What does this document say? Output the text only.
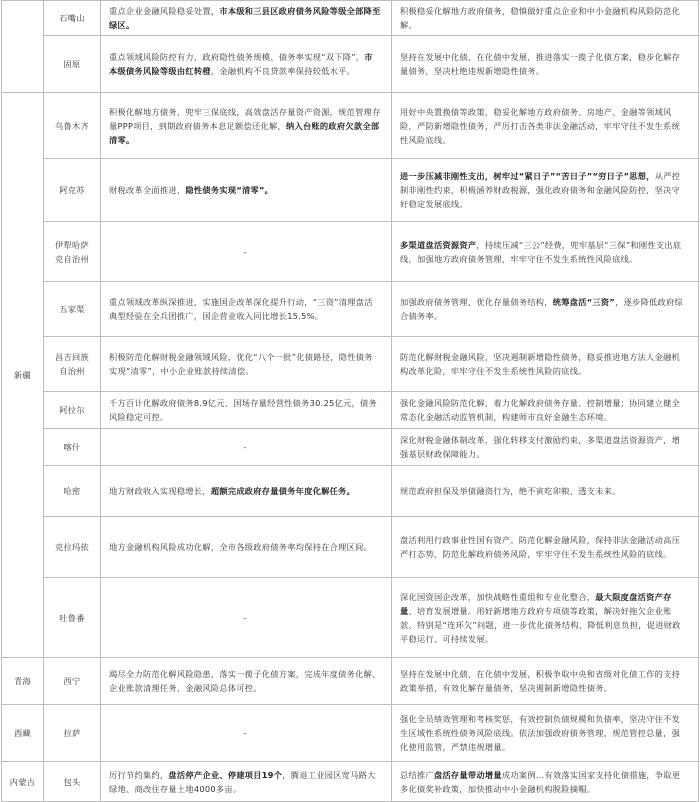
	石嘴山	重点企业金融风险稳妥处置，市本级和三县区政府债务风险等级全部降至绿区。	积极稳妥化解地方政府债务，稳慎做好重点企业和中小金融机构风险防范化解。
	固原	重点领域风险防控有力，政府隐性债务规模、债务率实现“双下降”，市本级债务风险等级由红转橙，金融机构不良贷款率保持较低水平。	坚持在发展中化债、在化债中发展，推进落实一揽子化债方案，稳步化解存量债务，坚决杜绝违规新增隐性债务。
新疆	乌鲁木齐	积极化解地方债务，兜牢三保底线，高效盘活存量资产资源，规范管理存量PPP项目，到期政府债务本息足额偿还化解，纳入台账的政府欠款全部清零。	用好中央置换债等政策，稳妥化解地方政府债务、房地产、金融等领域风险，严防新增隐性债务，严厉打击各类非法金融活动，牢牢守住不发生系统性风险底线。
	阿克苏	财税改革全面推进，隐性债务实现“清零”。	进一步压减非刚性支出，树牢过“紧日子”“苦日子”“穷日子”思想，从严控制非刚性约束，积极涵养财政税源，强化政府债务和金融风险防控，坚决守好稳定发展底线。
	伊犁哈萨克自治州	-	多渠道盘活资源资产，持续压减“三公”经费，兜牢基层“三保”和刚性支出底线，加强地方政府债务管理，牢牢守住不发生系统性风险底线。
	五家渠	重点领域改革纵深推进，实施国企改革深化提升行动，“三资”清理盘活典型经验在全兵团推广，国企营业收入同比增长15.5%。	加强政府债务管理，优化存量债务结构，统筹盘活“三资”，逐步降低政府综合债务率。
	昌吉回族自治州	积极防范化解财税金融领域风险，优化“八个一批”化债路径，隐性债务实现“清零”，中小企业账款持续清偿。	防范化解财税金融风险，坚决遏制新增隐性债务，稳妥推进地方法人金融机构改革化险，牢牢守住不发生系统性风险的底线。
	阿拉尔	千方百计化解政府债务8.9亿元、国场存量经营性债务30.25亿元，债务风险稳定可控。	强化金融风险防范化解，着力化解政府债务存量、控制增量；协同建立健全常态化金融活动监管机制，构建师市良好金融生态环境。
	喀什	-	深化财税金融体制改革，强化转移支付激励约束，多渠道盘活资源资产，增强基层财政保障能力。
	哈密	地方财政收入实现稳增长，超额完成政府存量债务年度化解任务。	规范政府担保及举债融资行为，绝不寅吃卯粮、透支未来。
	克拉玛依	地方金融机构风险成功化解，全市各级政府债务率均保持在合理区间。	盘活利用行政事业性国有资产。防范化解金融风险，保持非法金融活动高压严打态势，防范化解政府债务风险，牢牢守住不发生系统性风险的底线。
	吐鲁番	-	深化国资国企改革，加快战略性重组和专业化整合，最大限度盘活资产存量、培育发展增量。用好新增地方政府专项债等政策，解决好拖欠企业账款、特别是“连环欠”问题，进一步优化债务结构、降低利息负担，促进财政平稳运行、可持续发展。
青海	西宁	竭尽全力防范化解风险隐患，落实一揽子化债方案，完成年度债务化解、企业账款清理任务，金融风险总体可控。	坚持在发展中化债、在化债中发展，积极争取中央和省级对化债工作的支持政策举措，有效化解存量债务，坚决遏制新增隐性债务。
西藏	拉萨	-	强化全员绩效管理和考核奖惩，有效控制负债规模和负债率，坚决守住不发生区域性系统性债务风险底线。依法加强政府债务管理，规范管控总量，强化使用监管，严禁违规增量。
内蒙古	包头	厉行节约集约，盘活停产企业、停建项目19个，腾退工业园区宽马路大绿地、商改住存量土地4000多亩。	总结推广盘活存量带动增量成功案例...有效落实国家支持化债措施，争取更多化债奖补政策，加快推动中小金融机构脱险摘帽。
